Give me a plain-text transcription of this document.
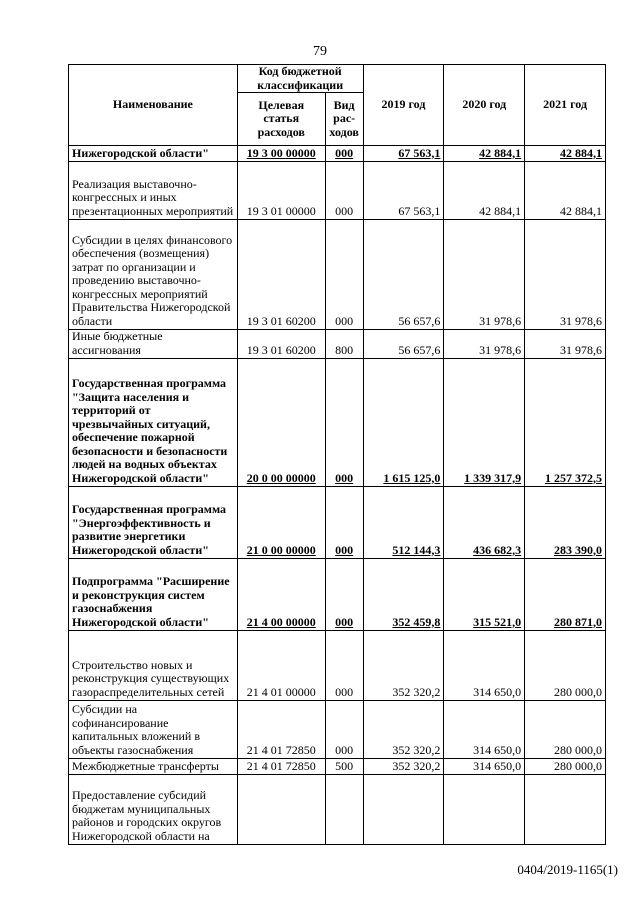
79
Наименование	Код бюджетной классификации		2019 год	2020 год	2021 год
	Целевая статья расходов	Вид рас-ходов			
Нижегородской области"	19 3 00 00000	000	67 563,1	42 884,1	42 884,1
Реализация выставочно-конгрессных и иных презентационных мероприятий	19 3 01 00000	000	67 563,1	42 884,1	42 884,1
Субсидии в целях финансового обеспечения (возмещения) затрат по организации и проведению выставочно-конгрессных мероприятий Правительства Нижегородской области	19 3 01 60200	000	56 657,6	31 978,6	31 978,6
Иные бюджетные ассигнования	19 3 01 60200	800	56 657,6	31 978,6	31 978,6
Государственная программа "Защита населения и территорий от чрезвычайных ситуаций, обеспечение пожарной безопасности и безопасности людей на водных объектах Нижегородской области"	20 0 00 00000	000	1 615 125,0	1 339 317,9	1 257 372,5
Государственная программа "Энергоэффективность и развитие энергетики Нижегородской области"	21 0 00 00000	000	512 144,3	436 682,3	283 390,0
Подпрограмма "Расширение и реконструкция систем газоснабжения Нижегородской области"	21 4 00 00000	000	352 459,8	315 521,0	280 871,0
Строительство новых и реконструкция существующих газораспределительных сетей	21 4 01 00000	000	352 320,2	314 650,0	280 000,0
Субсидии на софинансирование капитальных вложений в объекты газоснабжения	21 4 01 72850	000	352 320,2	314 650,0	280 000,0
Межбюджетные трансферты	21 4 01 72850	500	352 320,2	314 650,0	280 000,0
Предоставление субсидий бюджетам муниципальных районов и городских округов Нижегородской области на					
0404/2019-1165(1)
